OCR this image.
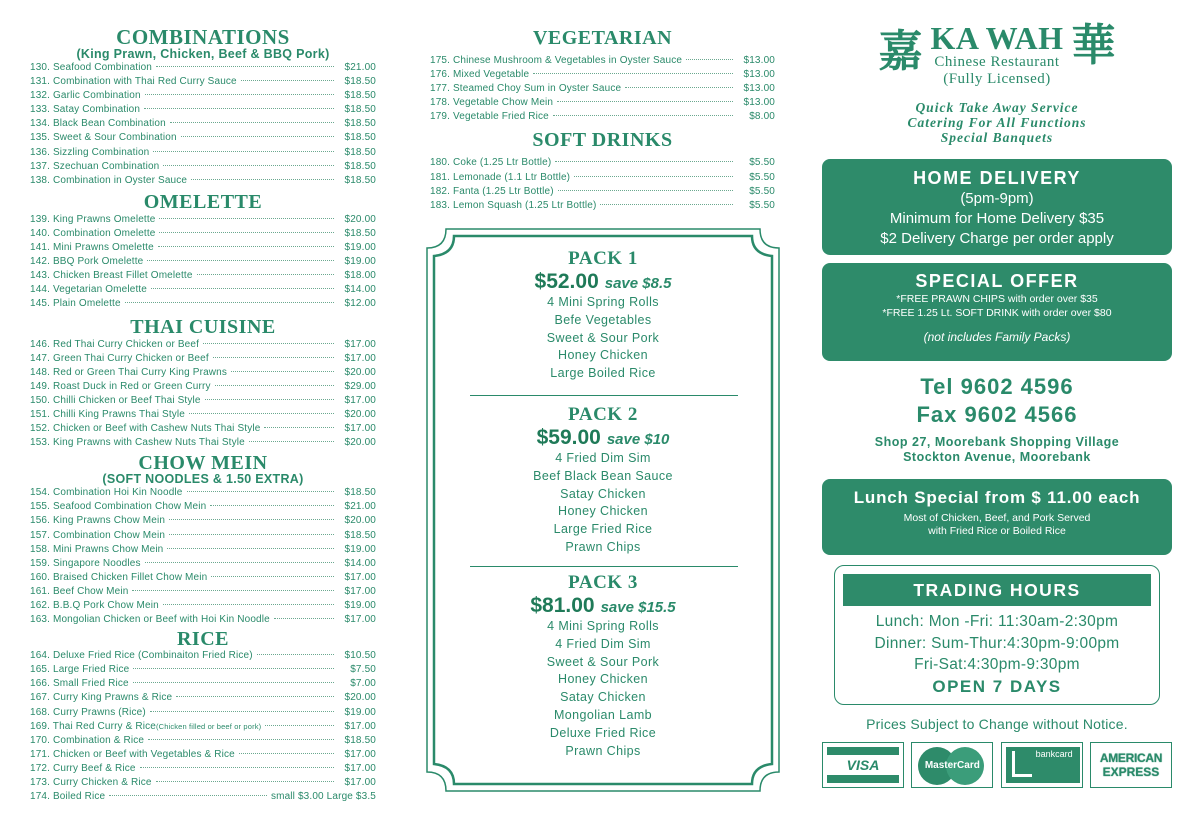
COMBINATIONS
(King Prawn, Chicken, Beef & BBQ Pork)
130. Seafood Combination	$21.00
131. Combination with Thai Red Curry Sauce	$18.50
132. Garlic Combination	$18.50
133. Satay Combination	$18.50
134. Black Bean Combination	$18.50
135. Sweet & Sour Combination	$18.50
136. Sizzling Combination	$18.50
137. Szechuan Combination	$18.50
138. Combination in Oyster Sauce	$18.50
OMELETTE
139. King Prawns Omelette	$20.00
140. Combination Omelette	$18.50
141. Mini Prawns Omelette	$19.00
142. BBQ Pork Omelette	$19.00
143. Chicken Breast Fillet Omelette	$18.00
144. Vegetarian Omelette	$14.00
145. Plain Omelette	$12.00
THAI CUISINE
146. Red Thai Curry Chicken or Beef	$17.00
147. Green Thai Curry Chicken or Beef	$17.00
148. Red or Green Thai Curry King Prawns	$20.00
149. Roast Duck in Red or Green Curry	$29.00
150. Chilli Chicken or Beef Thai Style	$17.00
151. Chilli King Prawns Thai Style	$20.00
152. Chicken or Beef with Cashew Nuts Thai Style	$17.00
153. King Prawns with Cashew Nuts Thai Style	$20.00
CHOW MEIN
(SOFT NOODLES & 1.50 EXTRA)
154. Combination Hoi Kin Noodle	$18.50
155. Seafood Combination Chow Mein	$21.00
156. King Prawns Chow Mein	$20.00
157. Combination Chow Mein	$18.50
158. Mini Prawns Chow Mein	$19.00
159. Singapore Noodles	$14.00
160. Braised Chicken Fillet Chow Mein	$17.00
161. Beef Chow Mein	$17.00
162. B.B.Q Pork Chow Mein	$19.00
163. Mongolian Chicken or Beef with Hoi Kin Noodle	$17.00
RICE
164. Deluxe Fried Rice (Combinaiton Fried Rice)	$10.50
165. Large Fried Rice	$7.50
166. Small Fried Rice	$7.00
167. Curry King Prawns & Rice	$20.00
168. Curry Prawns (Rice)	$19.00
169. Thai Red Curry & Rice(Chicken filled or beef or pork)	$17.00
170. Combination & Rice	$18.50
171. Chicken or Beef with Vegetables & Rice	$17.00
172. Curry Beef & Rice	$17.00
173. Curry Chicken & Rice	$17.00
174. Boiled Rice	small $3.00 Large $3.5
VEGETARIAN
175. Chinese Mushroom & Vegetables in Oyster Sauce	$13.00
176. Mixed Vegetable	$13.00
177. Steamed Choy Sum in Oyster Sauce	$13.00
178. Vegetable Chow Mein	$13.00
179. Vegetable Fried Rice	$8.00
SOFT DRINKS
180. Coke (1.25 Ltr Bottle)	$5.50
181. Lemonade (1.1 Ltr Bottle)	$5.50
182. Fanta (1.25 Ltr Bottle)	$5.50
183. Lemon Squash (1.25 Ltr Bottle)	$5.50
PACK 1
$52.00 save $8.5
4 Mini Spring Rolls
Befe Vegetables
Sweet & Sour Pork
Honey Chicken
Large Boiled Rice
PACK 2
$59.00 save $10
4 Fried Dim Sim
Beef Black Bean Sauce
Satay Chicken
Honey Chicken
Large Fried Rice
Prawn Chips
PACK 3
$81.00 save $15.5
4 Mini Spring Rolls
4 Fried Dim Sim
Sweet & Sour Pork
Honey Chicken
Satay Chicken
Mongolian Lamb
Deluxe Fried Rice
Prawn Chips
嘉 KA WAH
Chinese Restaurant
(Fully Licensed)
華
Quick Take Away Service
Catering For All Functions
Special Banquets
HOME DELIVERY
(5pm-9pm)
Minimum for Home Delivery $35
$2 Delivery Charge per order apply
SPECIAL OFFER
*FREE PRAWN CHIPS with order over $35
*FREE 1.25 Lt. SOFT DRINK with order over $80
(not includes Family Packs)
Tel 9602 4596
Fax 9602 4566
Shop 27, Moorebank Shopping Village
Stockton Avenue, Moorebank
Lunch Special from $ 11.00 each
Most of Chicken, Beef, and Pork Served
with Fried Rice or Boiled Rice
TRADING HOURS
Lunch: Mon -Fri: 11:30am-2:30pm
Dinner: Sum-Thur:4:30pm-9:00pm
Fri-Sat:4:30pm-9:30pm
OPEN 7 DAYS
Prices Subject to Change without Notice.
VISA	MasterCard
bankcard AMERICAN
EXPRESS
